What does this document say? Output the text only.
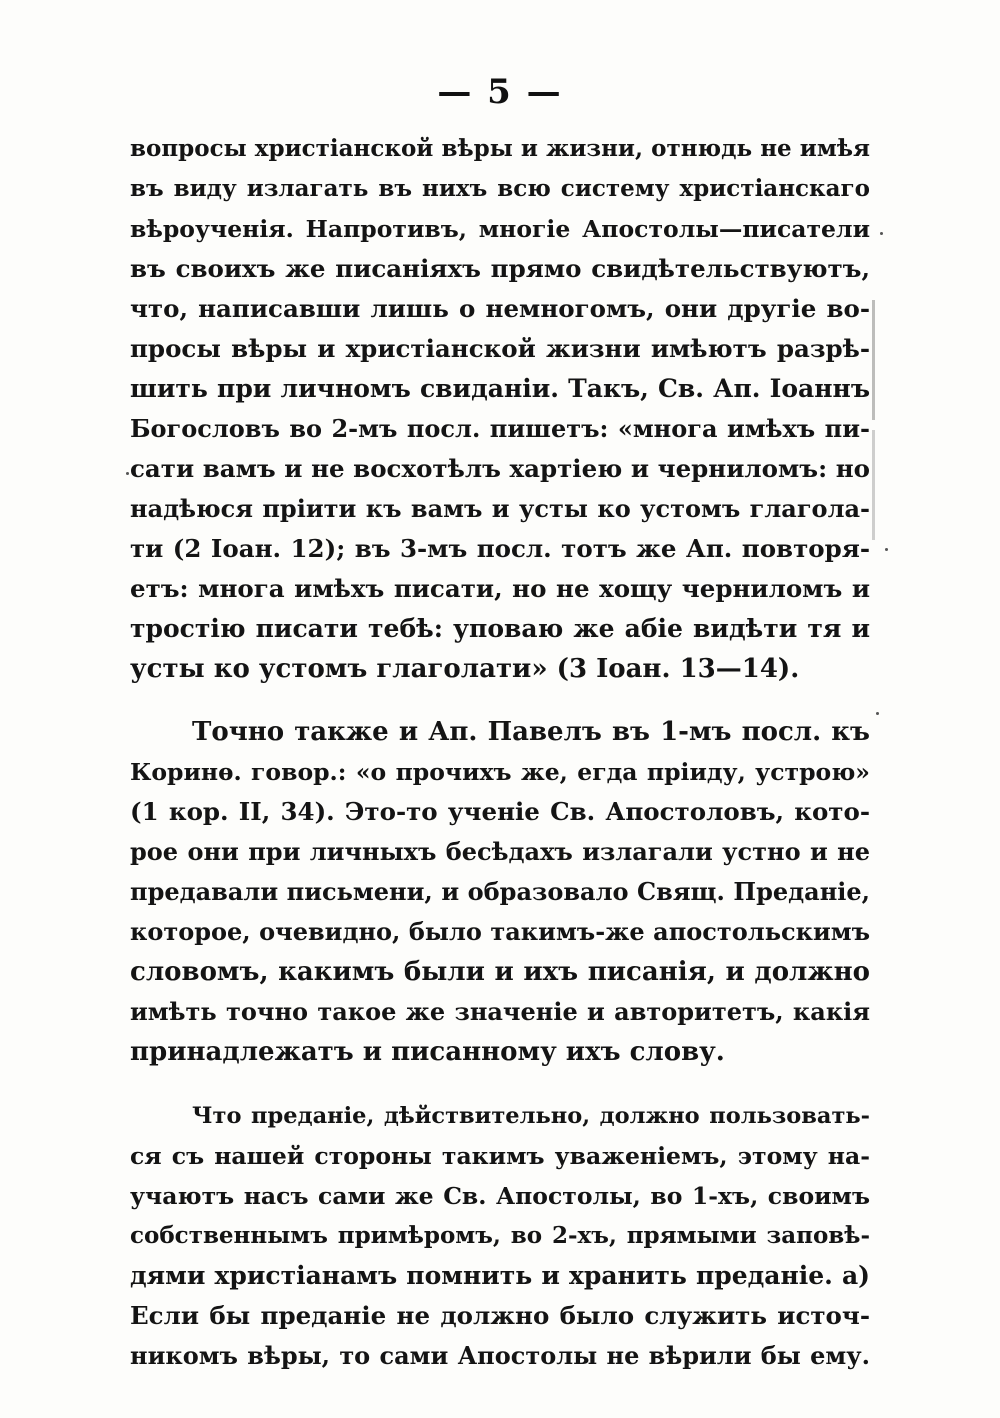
— 5 —
вопросы христіанской вѣры и жизни, отнюдь не имѣя
въ виду излагать въ нихъ всю систему христіанскаго
вѣроученія. Напротивъ, многіе Апостолы—писатели
въ своихъ же писаніяхъ прямо свидѣтельствуютъ,
что, написавши лишь о немногомъ, они другіе во-
просы вѣры и христіанской жизни имѣютъ разрѣ-
шить при личномъ свиданіи. Такъ, Св. Ап. Іоаннъ
Богословъ во 2-мъ посл. пишетъ: «многа имѣхъ пи-
сати вамъ и не восхотѣлъ хартіею и черниломъ: но
надѣюся пріити къ вамъ и усты ко устомъ глаголa-
ти (2 Іоан. 12); въ 3-мъ посл. тотъ же Ап. повторя-
етъ: многа имѣхъ писати, но не хощу черниломъ и
тростію писати тебѣ: уповаю же абіе видѣти тя и
усты ко устомъ глаголати» (3 Іоан. 13—14).
Точно также и Ап. Павелъ въ 1-мъ посл. къ
Коринѳ. говор.: «о прочихъ же, егда пріиду, устрою»
(1 кор. ІІ, 34). Это-то ученіе Св. Апостоловъ, кото-
рое они при личныхъ бесѣдахъ излагали устно и не
предавали письмени, и образовало Свящ. Преданіе,
которое, очевидно, было такимъ-же апостольскимъ
словомъ, какимъ были и ихъ писанія, и должно
имѣть точно такое же значеніе и авторитетъ, какія
принадлежатъ и писанному ихъ слову.
Что преданіе, дѣйствительно, должно пользовать-
ся съ нашей стороны такимъ уваженіемъ, этому на-
учаютъ насъ сами же Св. Апостолы, во 1-хъ, своимъ
собственнымъ примѣромъ, во 2-хъ, прямыми заповѣ-
дями христіанамъ помнить и хранить преданіе. а)
Если бы преданіе не должно было служить источ-
никомъ вѣры, то сами Апостолы не вѣрили бы ему.
